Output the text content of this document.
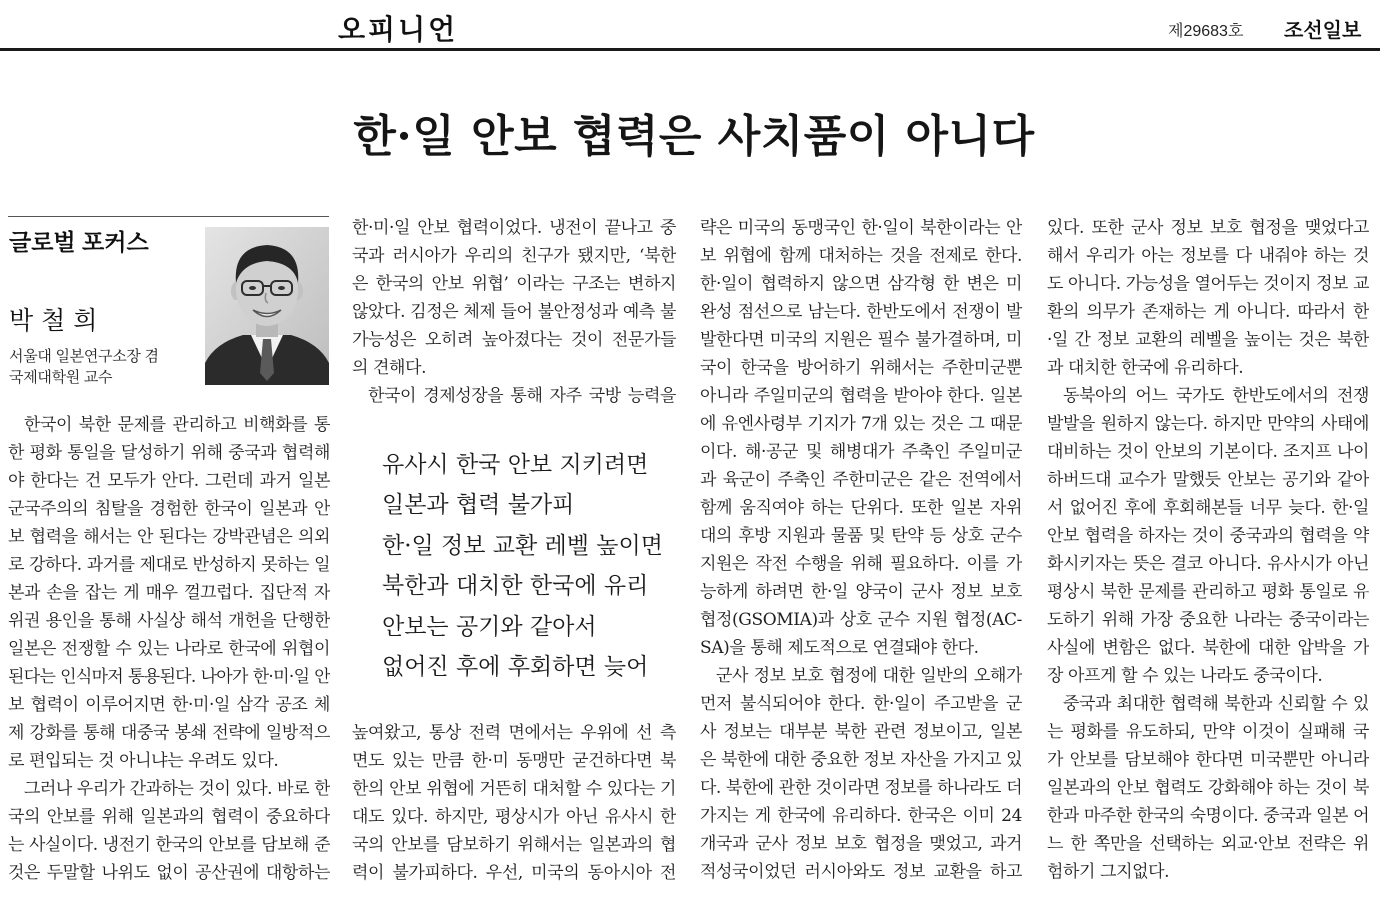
오피니언	제29683호 조선일보
한·일 안보 협력은 사치품이 아니다
글로벌 포커스
박 철 희
서울대 일본연구소장 겸
국제대학원 교수
한국이 북한 문제를 관리하고 비핵화를 통
한 평화 통일을 달성하기 위해 중국과 협력해
야 한다는 건 모두가 안다. 그런데 과거 일본
군국주의의 침탈을 경험한 한국이 일본과 안
보 협력을 해서는 안 된다는 강박관념은 의외
로 강하다. 과거를 제대로 반성하지 못하는 일
본과 손을 잡는 게 매우 껄끄럽다. 집단적 자
위권 용인을 통해 사실상 해석 개헌을 단행한
일본은 전쟁할 수 있는 나라로 한국에 위협이
된다는 인식마저 통용된다. 나아가 한·미·일 안
보 협력이 이루어지면 한·미·일 삼각 공조 체
제 강화를 통해 대중국 봉쇄 전략에 일방적으
로 편입되는 것 아니냐는 우려도 있다.
그러나 우리가 간과하는 것이 있다. 바로 한
국의 안보를 위해 일본과의 협력이 중요하다
는 사실이다. 냉전기 한국의 안보를 담보해 준
것은 두말할 나위도 없이 공산권에 대항하는
한·미·일 안보 협력이었다. 냉전이 끝나고 중
국과 러시아가 우리의 친구가 됐지만, ‘북한
은 한국의 안보 위협’ 이라는 구조는 변하지
않았다. 김정은 체제 들어 불안정성과 예측 불
가능성은 오히려 높아졌다는 것이 전문가들
의 견해다.
한국이 경제성장을 통해 자주 국방 능력을
유사시 한국 안보 지키려면
일본과 협력 불가피
한·일 정보 교환 레벨 높이면
북한과 대치한 한국에 유리
안보는 공기와 같아서
없어진 후에 후회하면 늦어
높여왔고, 통상 전력 면에서는 우위에 선 측
면도 있는 만큼 한·미 동맹만 굳건하다면 북
한의 안보 위협에 거뜬히 대처할 수 있다는 기
대도 있다. 하지만, 평상시가 아닌 유사시 한
국의 안보를 담보하기 위해서는 일본과의 협
력이 불가피하다. 우선, 미국의 동아시아 전
략은 미국의 동맹국인 한·일이 북한이라는 안
보 위협에 함께 대처하는 것을 전제로 한다.
한·일이 협력하지 않으면 삼각형 한 변은 미
완성 점선으로 남는다. 한반도에서 전쟁이 발
발한다면 미국의 지원은 필수 불가결하며, 미
국이 한국을 방어하기 위해서는 주한미군뿐
아니라 주일미군의 협력을 받아야 한다. 일본
에 유엔사령부 기지가 7개 있는 것은 그 때문
이다. 해·공군 및 해병대가 주축인 주일미군
과 육군이 주축인 주한미군은 같은 전역에서
함께 움직여야 하는 단위다. 또한 일본 자위
대의 후방 지원과 물품 및 탄약 등 상호 군수
지원은 작전 수행을 위해 필요하다. 이를 가
능하게 하려면 한·일 양국이 군사 정보 보호
협정(GSOMIA)과 상호 군수 지원 협정(AC-
SA)을 통해 제도적으로 연결돼야 한다.
군사 정보 보호 협정에 대한 일반의 오해가
먼저 불식되어야 한다. 한·일이 주고받을 군
사 정보는 대부분 북한 관련 정보이고, 일본
은 북한에 대한 중요한 정보 자산을 가지고 있
다. 북한에 관한 것이라면 정보를 하나라도 더
가지는 게 한국에 유리하다. 한국은 이미 24
개국과 군사 정보 보호 협정을 맺었고, 과거
적성국이었던 러시아와도 정보 교환을 하고
있다. 또한 군사 정보 보호 협정을 맺었다고
해서 우리가 아는 정보를 다 내줘야 하는 것
도 아니다. 가능성을 열어두는 것이지 정보 교
환의 의무가 존재하는 게 아니다. 따라서 한
·일 간 정보 교환의 레벨을 높이는 것은 북한
과 대치한 한국에 유리하다.
동북아의 어느 국가도 한반도에서의 전쟁
발발을 원하지 않는다. 하지만 만약의 사태에
대비하는 것이 안보의 기본이다. 조지프 나이
하버드대 교수가 말했듯 안보는 공기와 같아
서 없어진 후에 후회해본들 너무 늦다. 한·일
안보 협력을 하자는 것이 중국과의 협력을 약
화시키자는 뜻은 결코 아니다. 유사시가 아닌
평상시 북한 문제를 관리하고 평화 통일로 유
도하기 위해 가장 중요한 나라는 중국이라는
사실에 변함은 없다. 북한에 대한 압박을 가
장 아프게 할 수 있는 나라도 중국이다.
중국과 최대한 협력해 북한과 신뢰할 수 있
는 평화를 유도하되, 만약 이것이 실패해 국
가 안보를 담보해야 한다면 미국뿐만 아니라
일본과의 안보 협력도 강화해야 하는 것이 북
한과 마주한 한국의 숙명이다. 중국과 일본 어
느 한 쪽만을 선택하는 외교·안보 전략은 위
험하기 그지없다.
